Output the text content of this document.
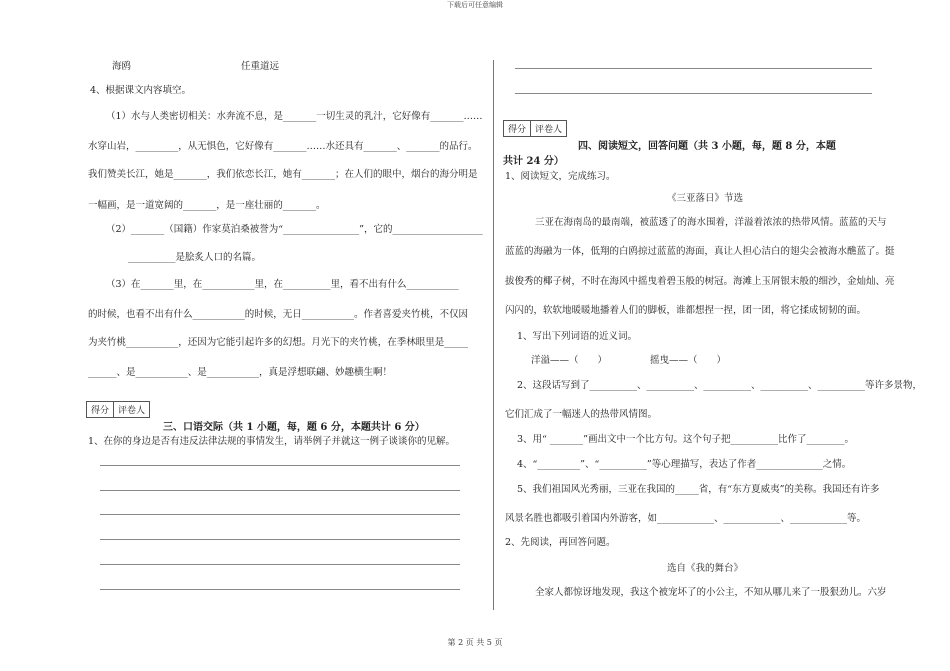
下载后可任意编辑
海鸥	任重道远
4、根据课文内容填空。
（1）水与人类密切相关：水奔流不息，是_______一切生灵的乳汁，它好像有_______……
水穿山岩，_________，从无惧色，它好像有_______……水还具有_______、_______的品行。
我们赞美长江，她是_______，我们依恋长江，她有_______；在人们的眼中，烟台的海分明是
一幅画，是一道宽阔的_______，是一座壮丽的_______。
（2）_______（国籍）作家莫泊桑被誉为“________________”，它的___________________
__________是脍炙人口的名篇。
（3）在_______里，在___________里，在__________里，看不出有什么___________
的时候，也看不出有什么___________的时候，无日___________。作者喜爱夹竹桃，不仅因
为夹竹桃___________，还因为它能引起许多的幻想。月光下的夹竹桃，在季林眼里是_____
______、是___________、是___________，真是浮想联翩、妙趣横生啊！
得分 评卷人
三、口语交际（共 1 小题，每，题 6 分，本题共计 6 分）
1、在你的身边是否有违反法律法规的事情发生，请举例子并就这一例子谈谈你的见解。
得分 评卷人
四、阅读短文，回答问题（共 3 小题，每，题 8 分，本题
共计 24 分）
1、阅读短文，完成练习。
《三亚落日》节选
三亚在海南岛的最南端，被蓝透了的海水围着，洋溢着浓浓的热带风情。蓝蓝的天与
蓝蓝的海融为一体，低翔的白鸥掠过蓝蓝的海面，真让人担心洁白的翅尖会被海水醮蓝了。挺
拔俊秀的椰子树，不时在海风中摇曳着碧玉般的树冠。海滩上玉屑银末般的细沙，金灿灿、亮
闪闪的，软软地暖暖地播着人们的脚板，谁都想捏一捏，团一团，将它揉成韧韧的面。
1、写出下列词语的近义词。
洋溢——（　　）	摇曳——（　　）
2、这段话写到了__________、__________、__________、__________、__________等许多景物，
它们汇成了一幅迷人的热带风情图。
3、用“ _______”画出文中一个比方句。这个句子把__________比作了________。
4、“_________”、“__________”等心理描写，表达了作者______________之情。
5、我们祖国风光秀丽，三亚在我国的_____省，有“东方夏威夷”的美称。我国还有许多
风景名胜也都吸引着国内外游客，如____________、____________、____________等。
2、先阅读，再回答问题。
选自《我的舞台》
全家人都惊讶地发现，我这个被宠坏了的小公主，不知从哪儿来了一股狠劲儿。六岁
第 2 页 共 5 页
